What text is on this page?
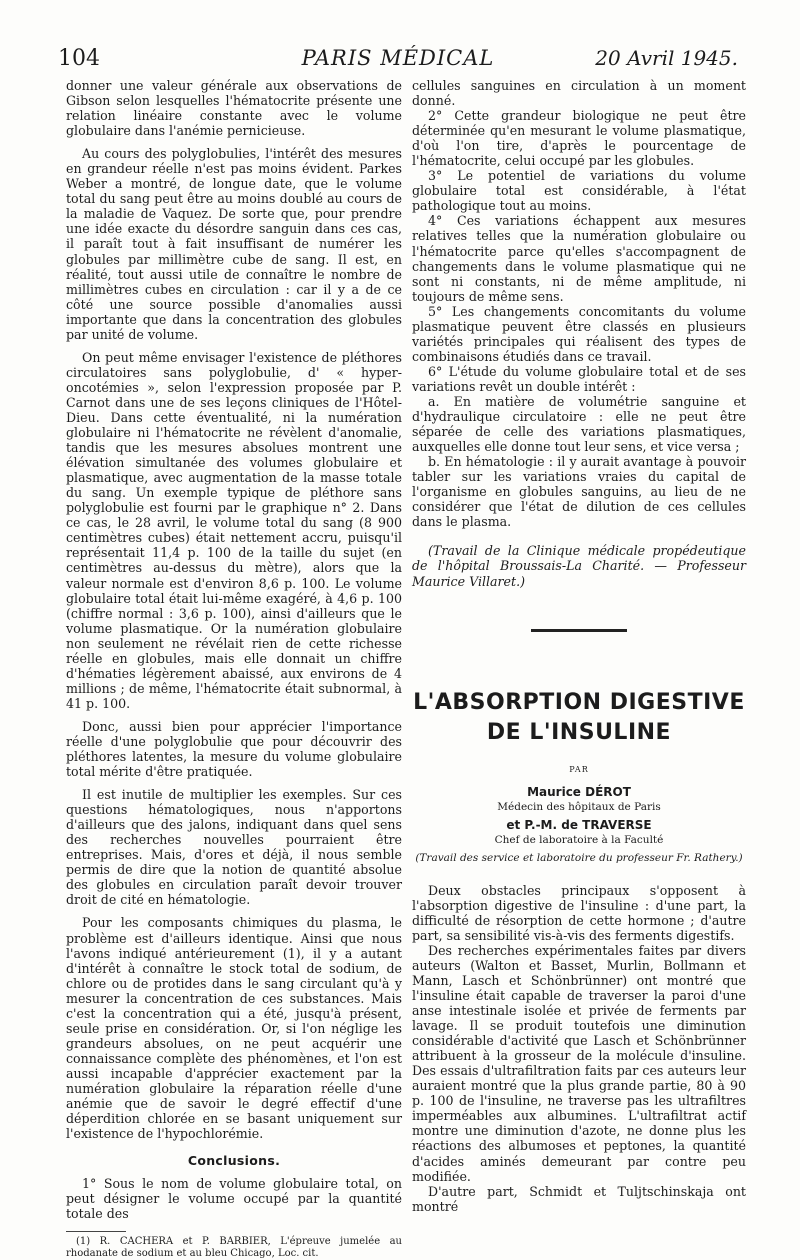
104	PARIS MÉDICAL	20 Avril 1945.

donner une valeur générale aux observations de Gibson selon lesquelles l'hématocrite présente une relation linéaire constante avec le volume globulaire dans l'anémie pernicieuse.

Au cours des polyglobulies, l'intérêt des mesures en grandeur réelle n'est pas moins évident. Parkes Weber a montré, de longue date, que le volume total du sang peut être au moins doublé au cours de la maladie de Vaquez. De sorte que, pour prendre une idée exacte du désordre sanguin dans ces cas, il paraît tout à fait insuffisant de numérer les globules par millimètre cube de sang. Il est, en réalité, tout aussi utile de connaître le nombre de millimètres cubes en circulation : car il y a de ce côté une source possible d'anomalies aussi importante que dans la concentration des globules par unité de volume.

On peut même envisager l'existence de pléthores circulatoires sans polyglobulie, d' « hyper-oncotémies », selon l'expression proposée par P. Carnot dans une de ses leçons cliniques de l'Hôtel-Dieu. Dans cette éventualité, ni la numération globulaire ni l'hématocrite ne révèlent d'anomalie, tandis que les mesures absolues montrent une élévation simultanée des volumes globulaire et plasmatique, avec augmentation de la masse totale du sang. Un exemple typique de pléthore sans polyglobulie est fourni par le graphique n° 2. Dans ce cas, le 28 avril, le volume total du sang (8 900 centimètres cubes) était nettement accru, puisqu'il représentait 11,4 p. 100 de la taille du sujet (en centimètres au-dessus du mètre), alors que la valeur normale est d'environ 8,6 p. 100. Le volume globulaire total était lui-même exagéré, à 4,6 p. 100 (chiffre normal : 3,6 p. 100), ainsi d'ailleurs que le volume plasmatique. Or la numération globulaire non seulement ne révélait rien de cette richesse réelle en globules, mais elle donnait un chiffre d'hématies légèrement abaissé, aux environs de 4 millions ; de même, l'hématocrite était subnormal, à 41 p. 100.

Donc, aussi bien pour apprécier l'importance réelle d'une polyglobulie que pour découvrir des pléthores latentes, la mesure du volume globulaire total mérite d'être pratiquée.

Il est inutile de multiplier les exemples. Sur ces questions hématologiques, nous n'apportons d'ailleurs que des jalons, indiquant dans quel sens des recherches nouvelles pourraient être entreprises. Mais, d'ores et déjà, il nous semble permis de dire que la notion de quantité absolue des globules en circulation paraît devoir trouver droit de cité en hématologie.

Pour les composants chimiques du plasma, le problème est d'ailleurs identique. Ainsi que nous l'avons indiqué antérieurement (1), il y a autant d'intérêt à connaître le stock total de sodium, de chlore ou de protides dans le sang circulant qu'à y mesurer la concentration de ces substances. Mais c'est la concentration qui a été, jusqu'à présent, seule prise en considération. Or, si l'on néglige les grandeurs absolues, on ne peut acquérir une connaissance complète des phénomènes, et l'on est aussi incapable d'apprécier exactement par la numération globulaire la réparation réelle d'une anémie que de savoir le degré effectif d'une déperdition chlorée en se basant uniquement sur l'existence de l'hypochlorémie.

Conclusions.

1° Sous le nom de volume globulaire total, on peut désigner le volume occupé par la quantité totale des

(1) R. CACHERA et P. BARBIER, L'épreuve jumelée au rhodanate de sodium et au bleu Chicago, Loc. cit.

cellules sanguines en circulation à un moment donné.

2° Cette grandeur biologique ne peut être déterminée qu'en mesurant le volume plasmatique, d'où l'on tire, d'après le pourcentage de l'hématocrite, celui occupé par les globules.

3° Le potentiel de variations du volume globulaire total est considérable, à l'état pathologique tout au moins.

4° Ces variations échappent aux mesures relatives telles que la numération globulaire ou l'hématocrite parce qu'elles s'accompagnent de changements dans le volume plasmatique qui ne sont ni constants, ni de même amplitude, ni toujours de même sens.

5° Les changements concomitants du volume plasmatique peuvent être classés en plusieurs variétés principales qui réalisent des types de combinaisons étudiés dans ce travail.

6° L'étude du volume globulaire total et de ses variations revêt un double intérêt :

a. En matière de volumétrie sanguine et d'hydraulique circulatoire : elle ne peut être séparée de celle des variations plasmatiques, auxquelles elle donne tout leur sens, et vice versa ;

b. En hématologie : il y aurait avantage à pouvoir tabler sur les variations vraies du capital de l'organisme en globules sanguins, au lieu de ne considérer que l'état de dilution de ces cellules dans le plasma.

(Travail de la Clinique médicale propédeutique de l'hôpital Broussais-La Charité. — Professeur Maurice Villaret.)

L'ABSORPTION DIGESTIVE
DE L'INSULINE
PAR
Maurice DÉROT
Médecin des hôpitaux de Paris
et P.-M. de TRAVERSE
Chef de laboratoire à la Faculté
(Travail des service et laboratoire du professeur Fr. Rathery.)

Deux obstacles principaux s'opposent à l'absorption digestive de l'insuline : d'une part, la difficulté de résorption de cette hormone ; d'autre part, sa sensibilité vis-à-vis des ferments digestifs.

Des recherches expérimentales faites par divers auteurs (Walton et Basset, Murlin, Bollmann et Mann, Lasch et Schönbrünner) ont montré que l'insuline était capable de traverser la paroi d'une anse intestinale isolée et privée de ferments par lavage. Il se produit toutefois une diminution considérable d'activité que Lasch et Schönbrünner attribuent à la grosseur de la molécule d'insuline. Des essais d'ultrafiltration faits par ces auteurs leur auraient montré que la plus grande partie, 80 à 90 p. 100 de l'insuline, ne traverse pas les ultrafiltres imperméables aux albumines. L'ultrafiltrat actif montre une diminution d'azote, ne donne plus les réactions des albumoses et peptones, la quantité d'acides aminés demeurant par contre peu modifiée.

D'autre part, Schmidt et Tuljtschinskaja ont montré
